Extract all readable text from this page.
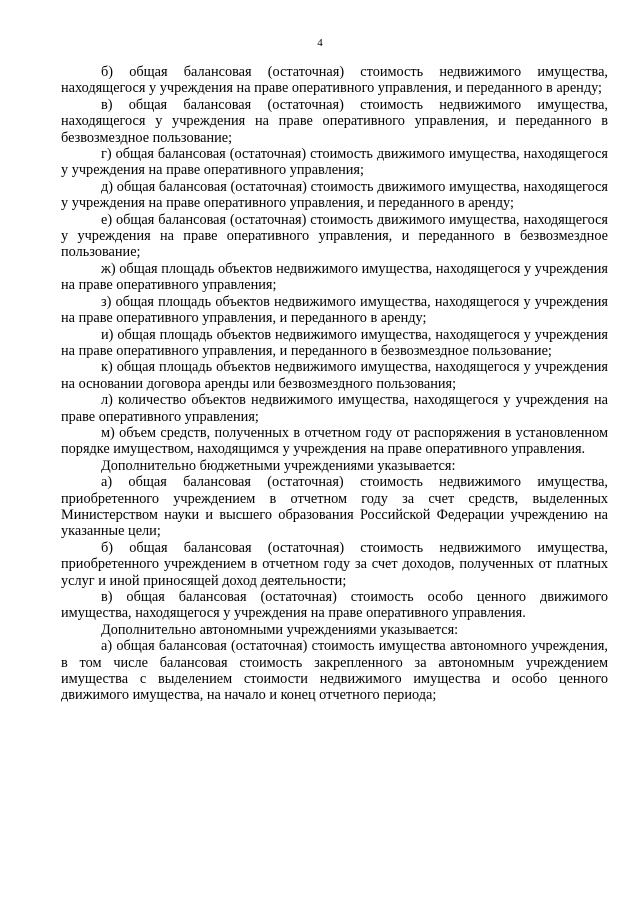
4

б) общая балансовая (остаточная) стоимость недвижимого имущества, находящегося у учреждения на праве оперативного управления, и переданного в аренду;

в) общая балансовая (остаточная) стоимость недвижимого имущества, находящегося у учреждения на праве оперативного управления, и переданного в безвозмездное пользование;

г) общая балансовая (остаточная) стоимость движимого имущества, находящегося у учреждения на праве оперативного управления;

д) общая балансовая (остаточная) стоимость движимого имущества, находящегося у учреждения на праве оперативного управления, и переданного в аренду;

е) общая балансовая (остаточная) стоимость движимого имущества, находящегося у учреждения на праве оперативного управления, и переданного в безвозмездное пользование;

ж) общая площадь объектов недвижимого имущества, находящегося у учреждения на праве оперативного управления;

з) общая площадь объектов недвижимого имущества, находящегося у учреждения на праве оперативного управления, и переданного в аренду;

и) общая площадь объектов недвижимого имущества, находящегося у учреждения на праве оперативного управления, и переданного в безвозмездное пользование;

к) общая площадь объектов недвижимого имущества, находящегося у учреждения на основании договора аренды или безвозмездного пользования;

л) количество объектов недвижимого имущества, находящегося у учреждения на праве оперативного управления;

м) объем средств, полученных в отчетном году от распоряжения в установленном порядке имуществом, находящимся у учреждения на праве оперативного управления.

Дополнительно бюджетными учреждениями указывается:

а) общая балансовая (остаточная) стоимость недвижимого имущества, приобретенного учреждением в отчетном году за счет средств, выделенных Министерством науки и высшего образования Российской Федерации учреждению на указанные цели;

б) общая балансовая (остаточная) стоимость недвижимого имущества, приобретенного учреждением в отчетном году за счет доходов, полученных от платных услуг и иной приносящей доход деятельности;

в) общая балансовая (остаточная) стоимость особо ценного движимого имущества, находящегося у учреждения на праве оперативного управления.

Дополнительно автономными учреждениями указывается:

а) общая балансовая (остаточная) стоимость имущества автономного учреждения, в том числе балансовая стоимость закрепленного за автономным учреждением имущества с выделением стоимости недвижимого имущества и особо ценного движимого имущества, на начало и конец отчетного периода;
